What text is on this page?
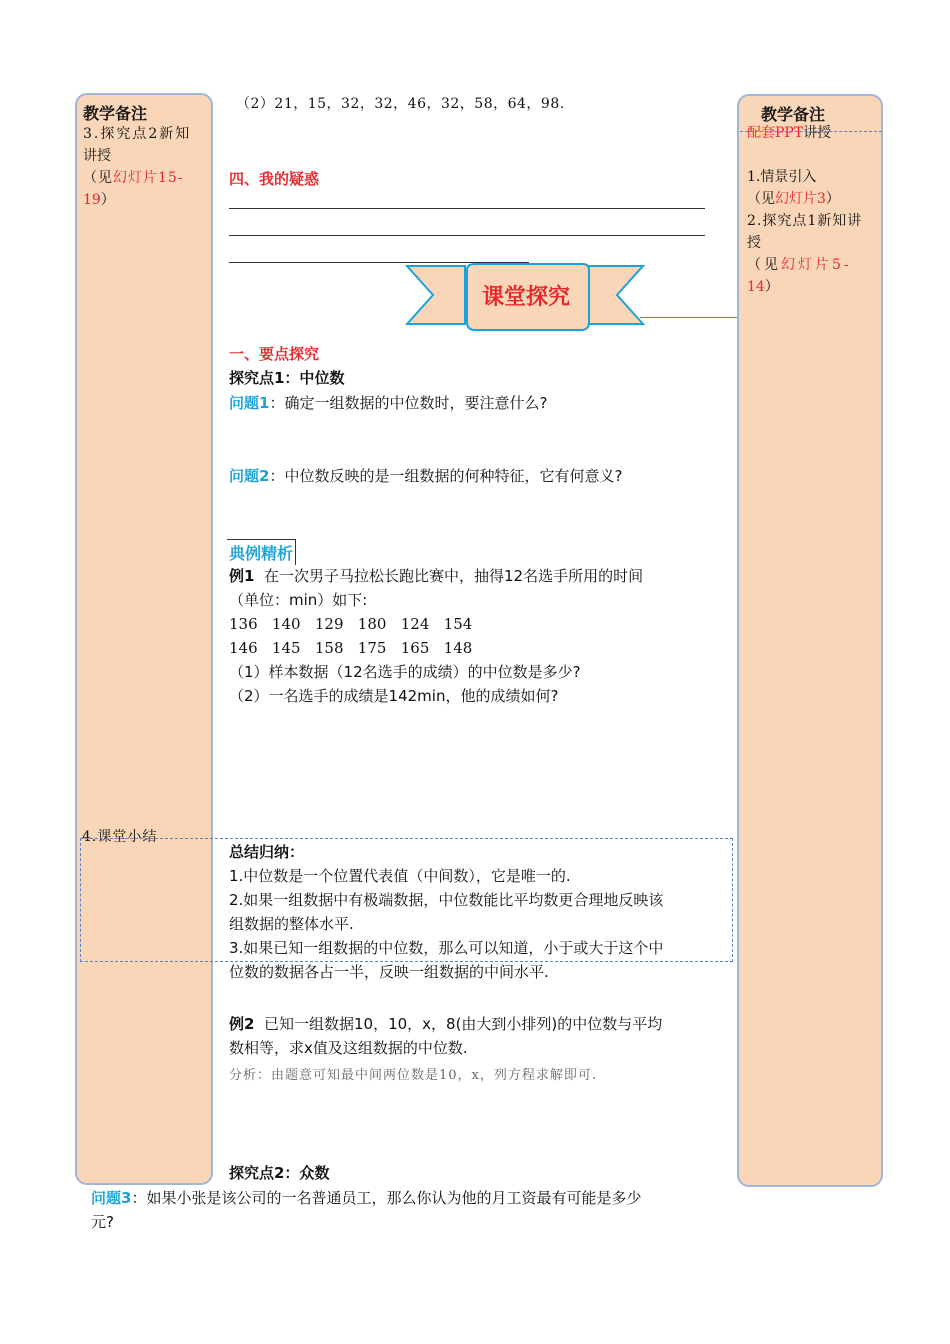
教学备注
3.探究点2新知
讲授
（见幻灯片15-
19）
4.课堂小结
教学备注
配套PPT讲授
1.情景引入
（见幻灯片3）
2.探究点1新知讲
授
（见幻灯片5-
14）
（2）21，15，32，32，46，32，58，64，98.
四、我的疑惑
课堂探究
一、要点探究
探究点1：中位数
问题1：确定一组数据的中位数时，要注意什么?
问题2：中位数反映的是一组数据的何种特征，它有何意义?
典例精析
例1 在一次男子马拉松长跑比赛中，抽得12名选手所用的时间
（单位：min）如下:
136   140   129   180   124   154
146   145   158   175   165   148
（1）样本数据（12名选手的成绩）的中位数是多少?
（2）一名选手的成绩是142min，他的成绩如何?
总结归纳：
1.中位数是一个位置代表值（中间数），它是唯一的.
2.如果一组数据中有极端数据，中位数能比平均数更合理地反映该
组数据的整体水平.
3.如果已知一组数据的中位数，那么可以知道，小于或大于这个中
位数的数据各占一半，反映一组数据的中间水平.
例2 已知一组数据10，10，x，8(由大到小排列)的中位数与平均
数相等，求x值及这组数据的中位数.
分析：由题意可知最中间两位数是10，x，列方程求解即可.
探究点2：众数
问题3：如果小张是该公司的一名普通员工，那么你认为他的月工资最有可能是多少
元?
